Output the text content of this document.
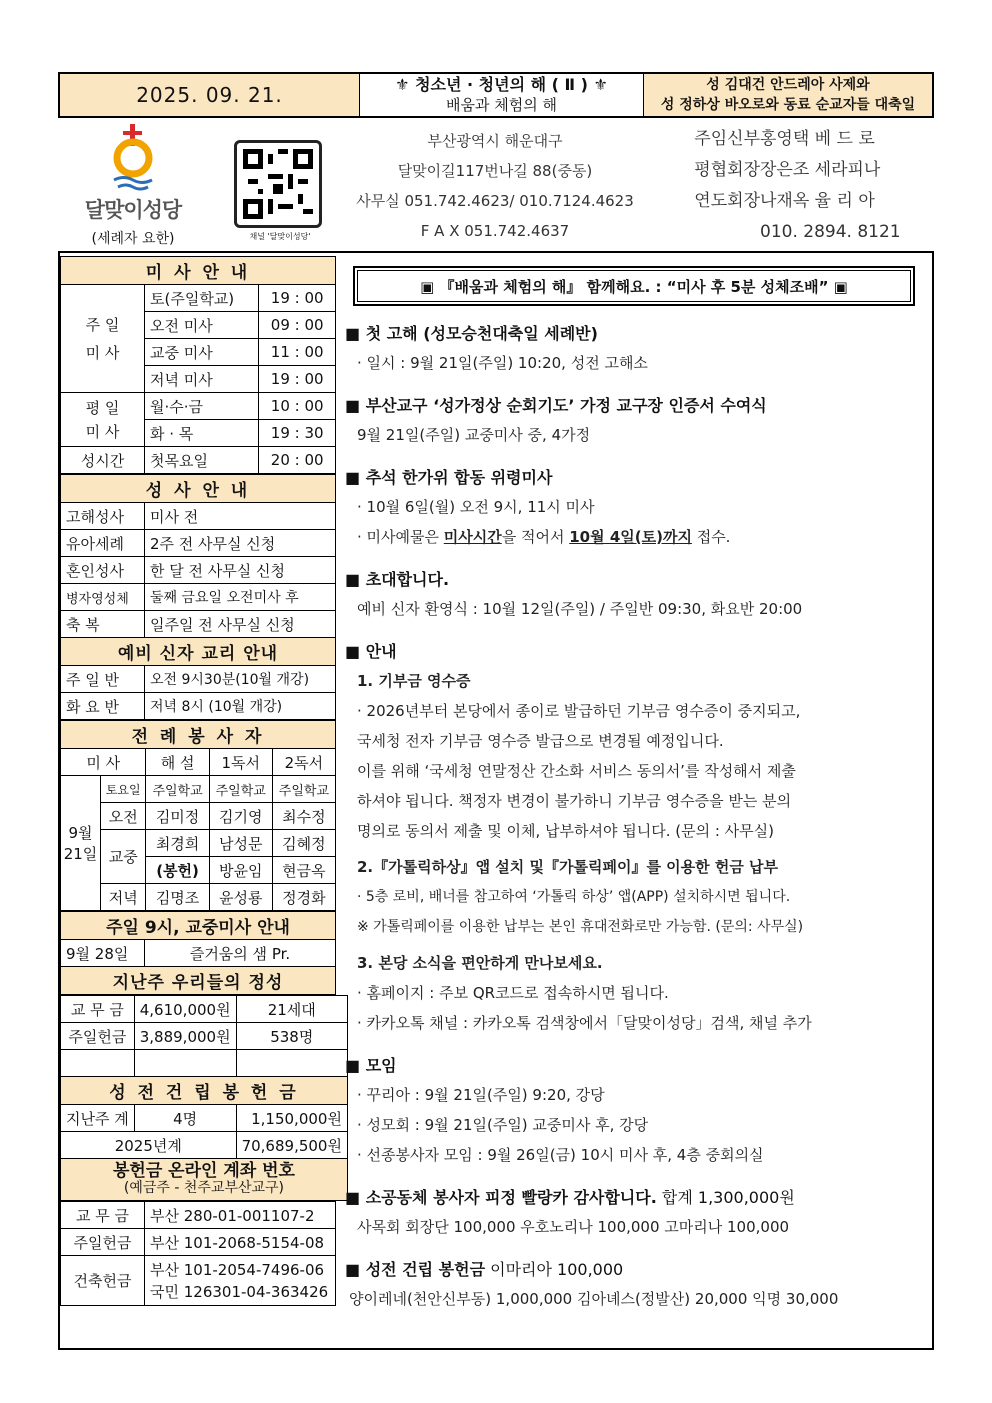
2025. 09. 21.	⚜ 청소년 · 청년의 해 ( Ⅱ ) ⚜
배움과 체험의 해
성 김대건 안드레아 사제와
성 정하상 바오로와 동료 순교자들 대축일
달맞이성당
(세례자 요한)	채널 '달맞이성당'
부산광역시 해운대구
달맞이길117번나길 88(중동)
사무실 051.742.4623/ 010.7124.4623
F A X 051.742.4637
주임신부 홍영택 베 드 로
평협회장 장은조 세라피나
연도회장 나재옥 율 리 아
010. 2894. 8121
미 사 안 내		
주 일
미 사	토(주일학교)	19 : 00
	오전 미사	09 : 00
	교중 미사	11 : 00
	저녁 미사	19 : 00
평 일
미 사	월·수·금	10 : 00
	화 · 목	19 : 30
성시간	첫목요일	20 : 00
성 사 안 내	
고해성사	미사 전
유아세례	2주 전 사무실 신청
혼인성사	한 달 전 사무실 신청
병자영성체	둘째 금요일 오전미사 후
축 복	일주일 전 사무실 신청
예비 신자 교리 안내	
주 일 반	오전 9시30분(10월 개강)
화 요 반	저녁 8시 (10월 개강)
전 례 봉 사 자				
미 사		해 설	1독서	2독서
9월
21일	토요일	주일학교	주일학교	주일학교
	오전	김미정	김기영	최수정
	교중	최경희	남성문	김혜정
		(봉헌)	방윤임	현금옥
	저녁	김명조	윤성룡	정경화
주일 9시, 교중미사 안내
9월 28일	즐거움의 샘 Pr.
지난주 우리들의 정성
교 무 금	4,610,000원	21세대
주일헌금	3,889,000원	538명

성 전 건 립 봉 헌 금		
지난주 계	4명	1,150,000원
2025년계		70,689,500원

봉헌금 온라인 계좌 번호
(예금주 - 천주교부산교구)		
교 무 금	부산 280-01-001107-2
주일헌금	부산 101-2068-5154-08
건축헌금	부산 101-2054-7496-06
국민 126301-04-363426
▣ 『배움과 체험의 해』 함께해요. : “미사 후 5분 성체조배” ▣
■ 첫 고해 (성모승천대축일 세례반)
· 일시 : 9월 21일(주일) 10:20, 성전 고해소
■ 부산교구 ‘성가정상 순회기도’ 가정 교구장 인증서 수여식
9월 21일(주일) 교중미사 중, 4가정
■ 추석 한가위 합동 위령미사
· 10월 6일(월) 오전 9시, 11시 미사
· 미사예물은 미사시간을 적어서 10월 4일(토)까지 접수.
■ 초대합니다.
예비 신자 환영식 : 10월 12일(주일) / 주일반 09:30, 화요반 20:00
■ 안내
1. 기부금 영수증
· 2026년부터 본당에서 종이로 발급하던 기부금 영수증이 중지되고,
국세청 전자 기부금 영수증 발급으로 변경될 예정입니다.
이를 위해 ‘국세청 연말정산 간소화 서비스 동의서’를 작성해서 제출
하셔야 됩니다. 책정자 변경이 불가하니 기부금 영수증을 받는 분의
명의로 동의서 제출 및 이체, 납부하셔야 됩니다. (문의 : 사무실)
2.『가톨릭하상』앱 설치 및『가톨릭페이』를 이용한 헌금 납부
· 5층 로비, 배너를 참고하여 ‘가톨릭 하상’ 앱(APP) 설치하시면 됩니다.
※ 가톨릭페이를 이용한 납부는 본인 휴대전화로만 가능함. (문의: 사무실)
3. 본당 소식을 편안하게 만나보세요.
· 홈페이지 : 주보 QR코드로 접속하시면 됩니다.
· 카카오톡 채널 : 카카오톡 검색창에서「달맞이성당」검색, 채널 추가
■ 모임
· 꾸리아 : 9월 21일(주일) 9:20, 강당
· 성모회 : 9월 21일(주일) 교중미사 후, 강당
· 선종봉사자 모임 : 9월 26일(금) 10시 미사 후, 4층 중회의실
■ 소공동체 봉사자 피정 빨랑카 감사합니다. 합계 1,300,000원
사목회 회장단 100,000 우호노리나 100,000 고마리나 100,000
■ 성전 건립 봉헌금 이마리아 100,000
양이레네(천안신부동) 1,000,000 김아녜스(정발산) 20,000 익명 30,000
